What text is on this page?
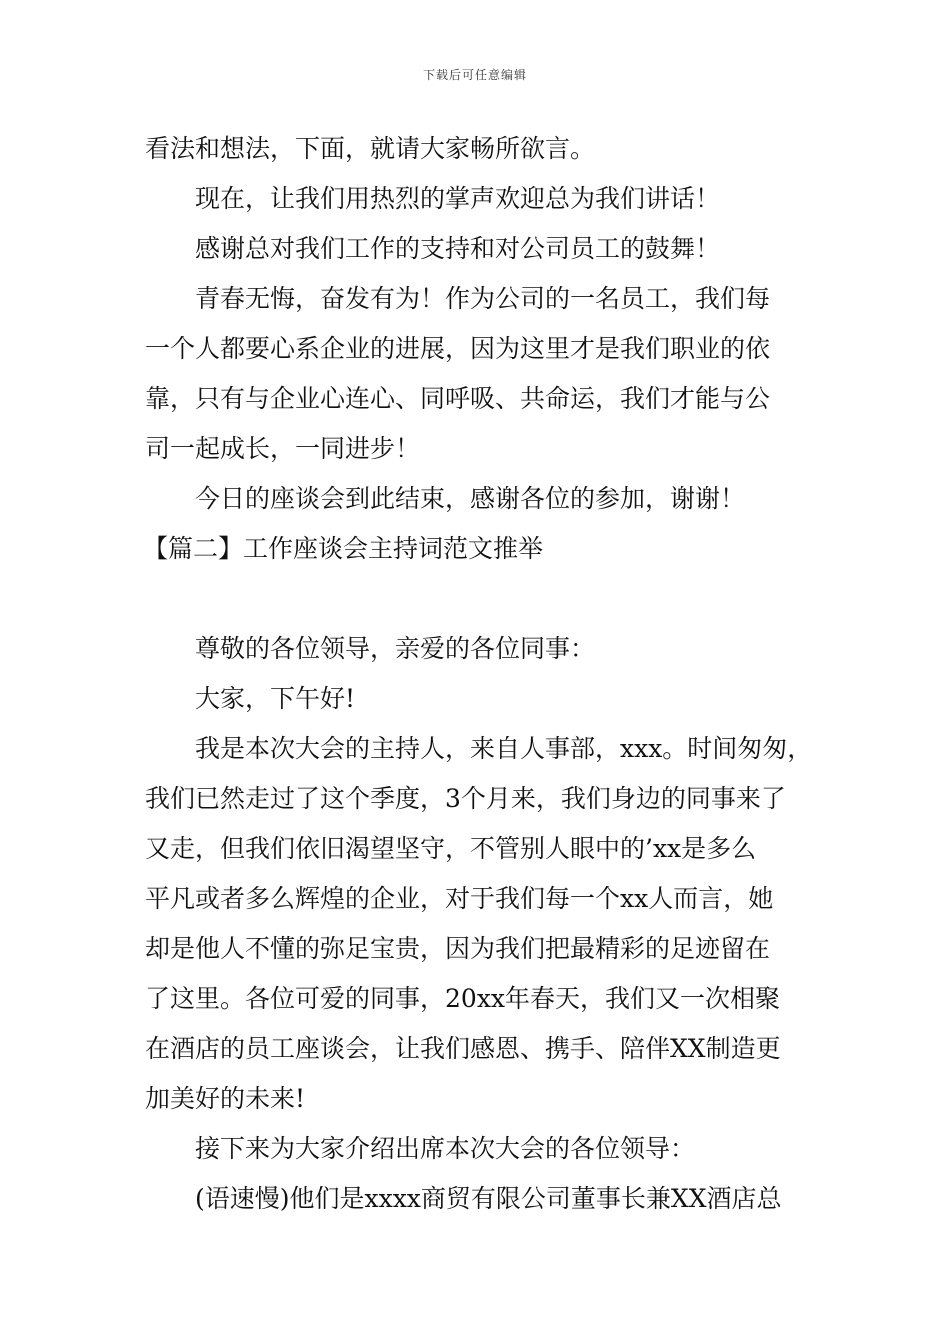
下载后可任意编辑
看法和想法，下面，就请大家畅所欲言。
现在，让我们用热烈的掌声欢迎总为我们讲话！
感谢总对我们工作的支持和对公司员工的鼓舞！
青春无悔，奋发有为！作为公司的一名员工，我们每
一个人都要心系企业的进展，因为这里才是我们职业的依
靠，只有与企业心连心、同呼吸、共命运，我们才能与公
司一起成长，一同进步！
今日的座谈会到此结束，感谢各位的参加，谢谢！
【篇二】工作座谈会主持词范文推举
尊敬的各位领导，亲爱的各位同事：
大家，下午好!
我是本次大会的主持人，来自人事部，xxx。时间匆匆，
我们已然走过了这个季度，3个月来，我们身边的同事来了
又走，但我们依旧渴望坚守，不管别人眼中的’xx是多么
平凡或者多么辉煌的企业，对于我们每一个xx人而言，她
却是他人不懂的弥足宝贵，因为我们把最精彩的足迹留在
了这里。各位可爱的同事，20xx年春天，我们又一次相聚
在酒店的员工座谈会，让我们感恩、携手、陪伴XX制造更
加美好的未来!
接下来为大家介绍出席本次大会的各位领导：
(语速慢)他们是xxxx商贸有限公司董事长兼XX酒店总
